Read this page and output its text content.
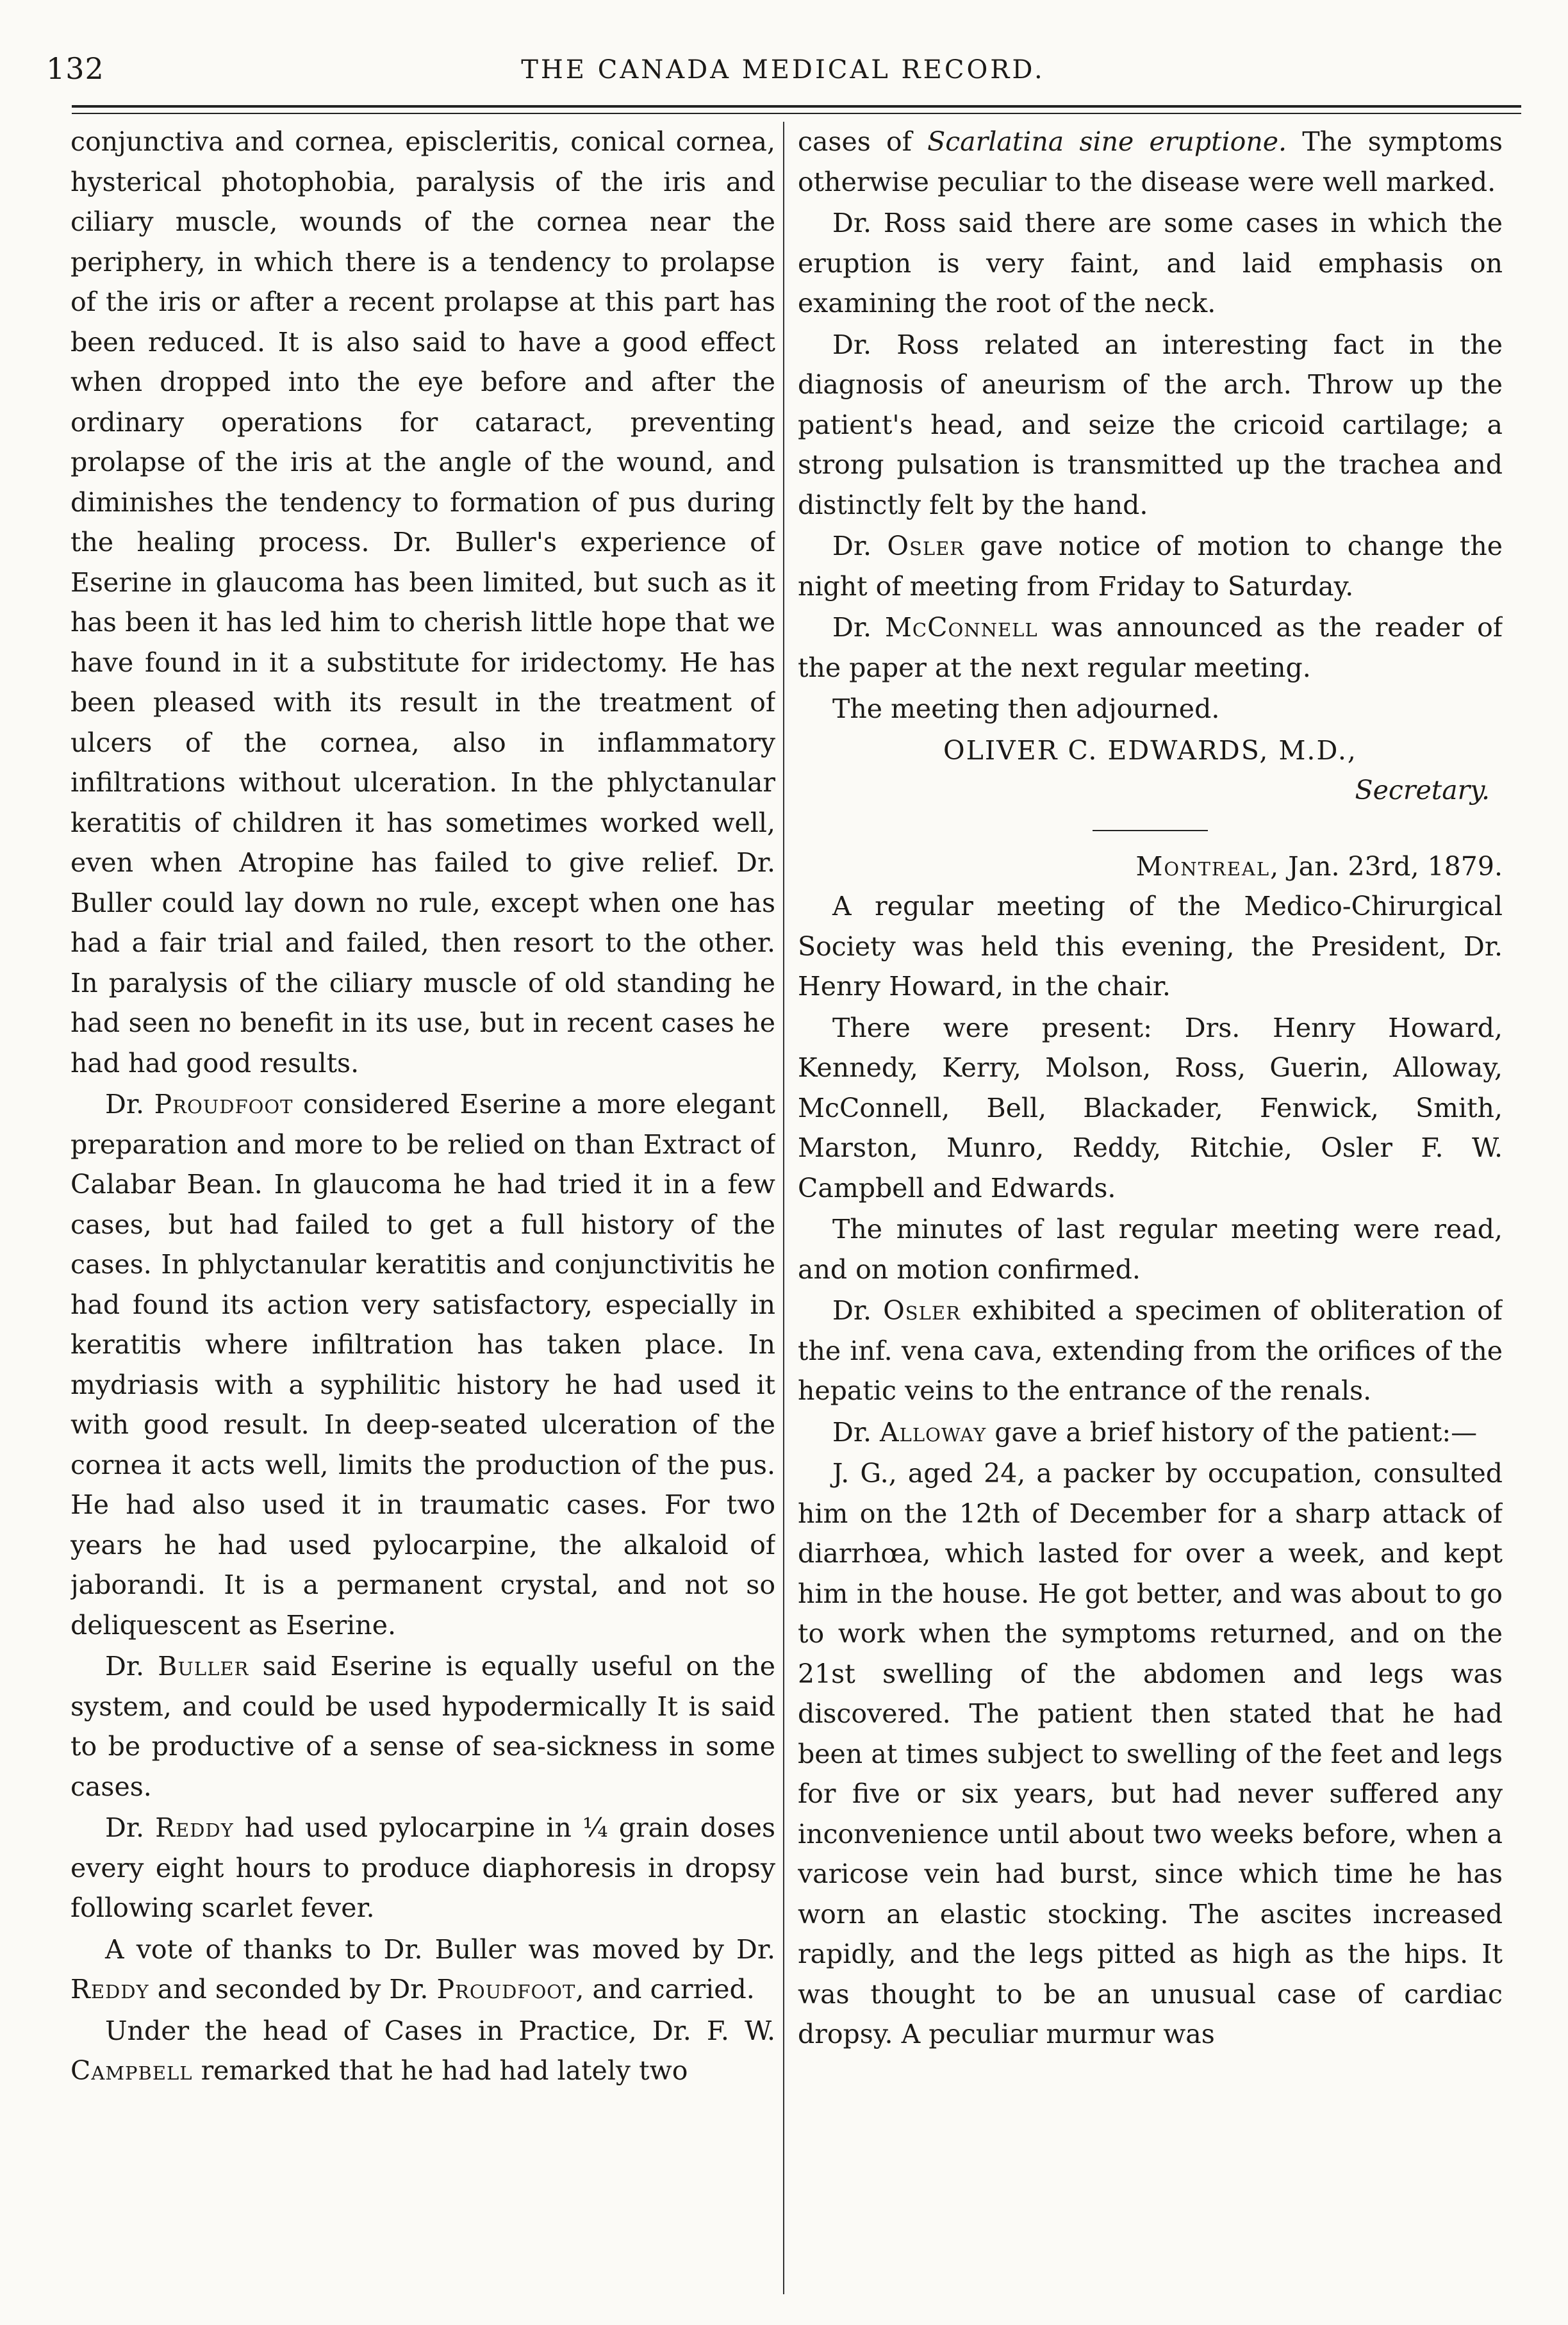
132	THE CANADA MEDICAL RECORD.

conjunctiva and cornea, episcleritis, conical cornea, hysterical photophobia, paralysis of the iris and ciliary muscle, wounds of the cornea near the periphery, in which there is a tendency to prolapse of the iris or after a recent prolapse at this part has been reduced. It is also said to have a good effect when dropped into the eye before and after the ordinary operations for cataract, preventing prolapse of the iris at the angle of the wound, and diminishes the tendency to formation of pus during the healing process. Dr. Buller's experience of Eserine in glaucoma has been limited, but such as it has been it has led him to cherish little hope that we have found in it a substitute for iridectomy. He has been pleased with its result in the treatment of ulcers of the cornea, also in inflammatory infiltrations without ulceration. In the phlyctanular keratitis of children it has sometimes worked well, even when Atropine has failed to give relief. Dr. Buller could lay down no rule, except when one has had a fair trial and failed, then resort to the other. In paralysis of the ciliary muscle of old standing he had seen no benefit in its use, but in recent cases he had had good results.

Dr. Proudfoot considered Eserine a more elegant preparation and more to be relied on than Extract of Calabar Bean. In glaucoma he had tried it in a few cases, but had failed to get a full history of the cases. In phlyctanular keratitis and conjunctivitis he had found its action very satisfactory, especially in keratitis where infiltration has taken place. In mydriasis with a syphilitic history he had used it with good result. In deep-seated ulceration of the cornea it acts well, limits the production of the pus. He had also used it in traumatic cases. For two years he had used pylocarpine, the alkaloid of jaborandi. It is a permanent crystal, and not so deliquescent as Eserine.

Dr. Buller said Eserine is equally useful on the system, and could be used hypodermically It is said to be productive of a sense of sea-sickness in some cases.

Dr. Reddy had used pylocarpine in ¼ grain doses every eight hours to produce diaphoresis in dropsy following scarlet fever.

A vote of thanks to Dr. Buller was moved by Dr. Reddy and seconded by Dr. Proudfoot, and carried.

Under the head of Cases in Practice, Dr. F. W. Campbell remarked that he had had lately two

cases of Scarlatina sine eruptione. The symptoms otherwise peculiar to the disease were well marked.

Dr. Ross said there are some cases in which the eruption is very faint, and laid emphasis on examining the root of the neck.

Dr. Ross related an interesting fact in the diagnosis of aneurism of the arch. Throw up the patient's head, and seize the cricoid cartilage; a strong pulsation is transmitted up the trachea and distinctly felt by the hand.

Dr. Osler gave notice of motion to change the night of meeting from Friday to Saturday.

Dr. McConnell was announced as the reader of the paper at the next regular meeting.

The meeting then adjourned.

OLIVER C. EDWARDS, M.D.,
Secretary.
Montreal, Jan. 23rd, 1879.

A regular meeting of the Medico-Chirurgical Society was held this evening, the President, Dr. Henry Howard, in the chair.

There were present: Drs. Henry Howard, Kennedy, Kerry, Molson, Ross, Guerin, Alloway, McConnell, Bell, Blackader, Fenwick, Smith, Marston, Munro, Reddy, Ritchie, Osler F. W. Campbell and Edwards.

The minutes of last regular meeting were read, and on motion confirmed.

Dr. Osler exhibited a specimen of obliteration of the inf. vena cava, extending from the orifices of the hepatic veins to the entrance of the renals.

Dr. Alloway gave a brief history of the patient:—

J. G., aged 24, a packer by occupation, consulted him on the 12th of December for a sharp attack of diarrhœa, which lasted for over a week, and kept him in the house. He got better, and was about to go to work when the symptoms returned, and on the 21st swelling of the abdomen and legs was discovered. The patient then stated that he had been at times subject to swelling of the feet and legs for five or six years, but had never suffered any inconvenience until about two weeks before, when a varicose vein had burst, since which time he has worn an elastic stocking. The ascites increased rapidly, and the legs pitted as high as the hips. It was thought to be an unusual case of cardiac dropsy. A peculiar murmur was
